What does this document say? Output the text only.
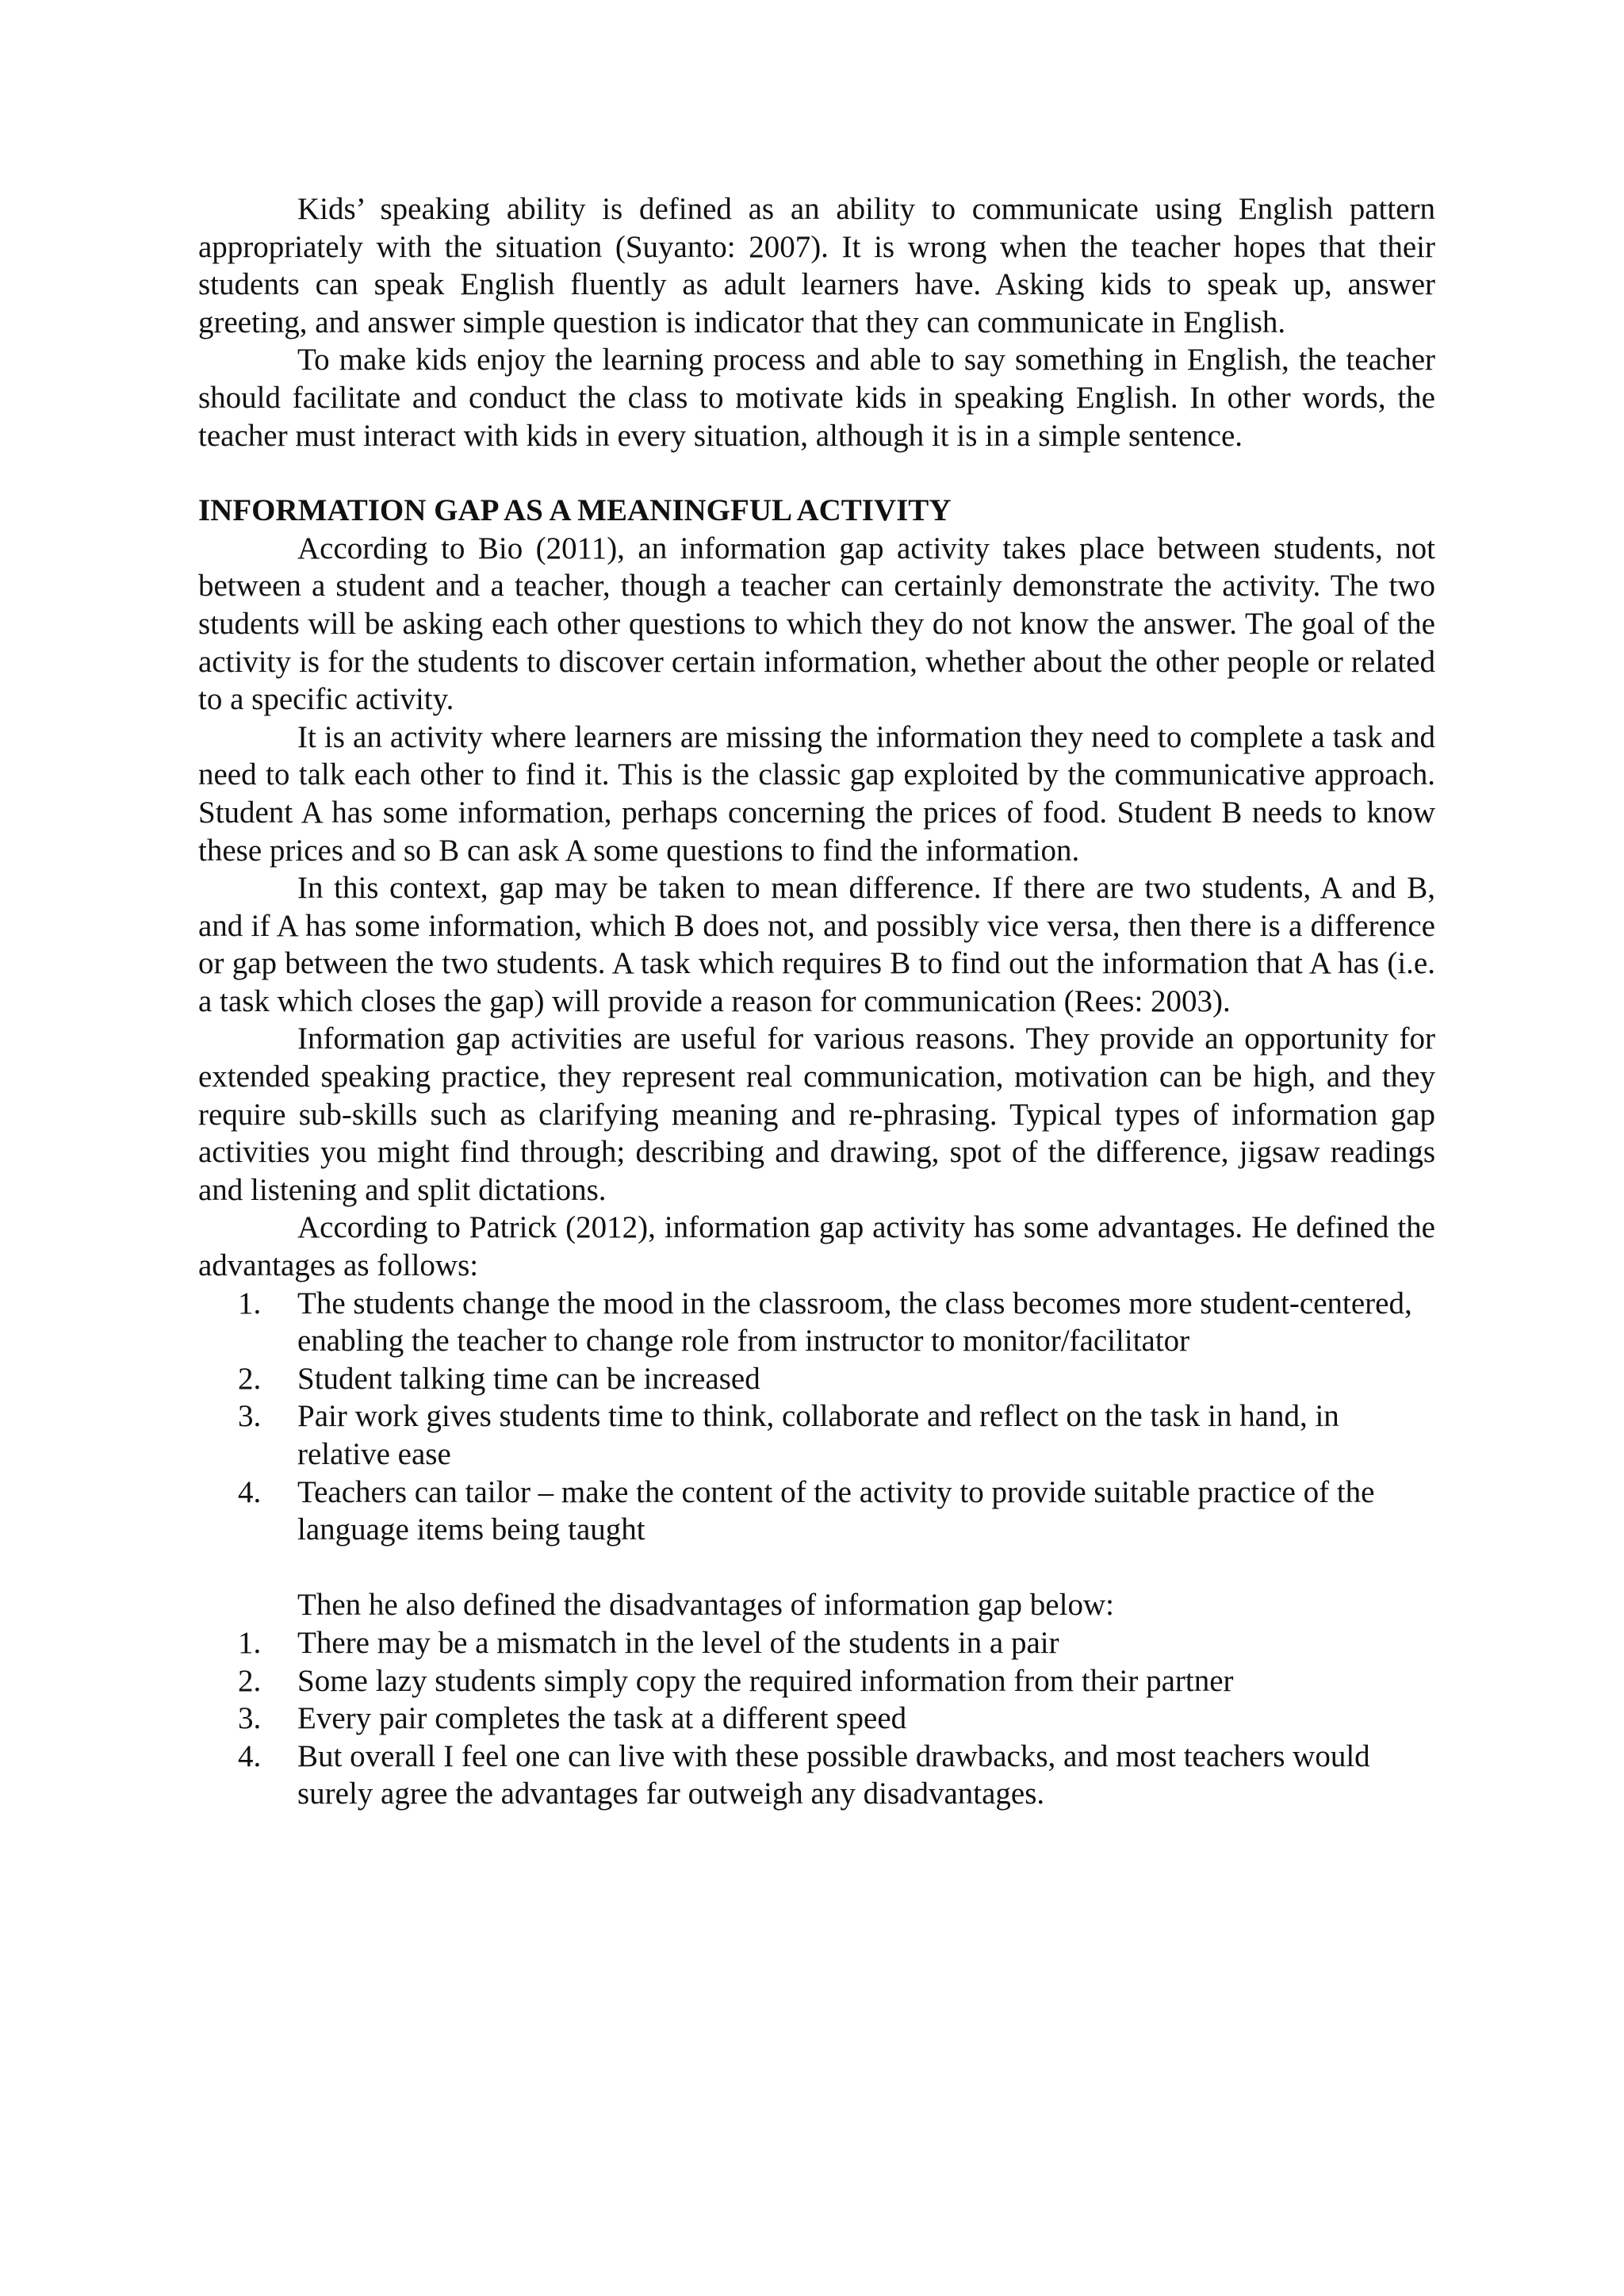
Kids’ speaking ability is defined as an ability to communicate using English pattern appropriately with the situation (Suyanto: 2007). It is wrong when the teacher hopes that their students can speak English fluently as adult learners have. Asking kids to speak up, answer greeting, and answer simple question is indicator that they can communicate in English.

To make kids enjoy the learning process and able to say something in English, the teacher should facilitate and conduct the class to motivate kids in speaking English. In other words, the teacher must interact with kids in every situation, although it is in a simple sentence.

INFORMATION GAP AS A MEANINGFUL ACTIVITY

According to Bio (2011), an information gap activity takes place between students, not between a student and a teacher, though a teacher can certainly demonstrate the activity. The two students will be asking each other questions to which they do not know the answer. The goal of the activity is for the students to discover certain information, whether about the other people or related to a specific activity.

It is an activity where learners are missing the information they need to complete a task and need to talk each other to find it. This is the classic gap exploited by the communicative approach. Student A has some information, perhaps concerning the prices of food. Student B needs to know these prices and so B can ask A some questions to find the information.

In this context, gap may be taken to mean difference. If there are two students, A and B, and if A has some information, which B does not, and possibly vice versa, then there is a difference or gap between the two students. A task which requires B to find out the information that A has (i.e. a task which closes the gap) will provide a reason for communication (Rees: 2003).

Information gap activities are useful for various reasons. They provide an opportunity for extended speaking practice, they represent real communication, motivation can be high, and they require sub-skills such as clarifying meaning and re-phrasing. Typical types of information gap activities you might find through; describing and drawing, spot of the difference, jigsaw readings and listening and split dictations.

According to Patrick (2012), information gap activity has some advantages. He defined the advantages as follows:

1. The students change the mood in the classroom, the class becomes more student-centered, enabling the teacher to change role from instructor to monitor/facilitator
2. Student talking time can be increased
3. Pair work gives students time to think, collaborate and reflect on the task in hand, in relative ease
4. Teachers can tailor – make the content of the activity to provide suitable practice of the language items being taught

Then he also defined the disadvantages of information gap below:

1. There may be a mismatch in the level of the students in a pair
2. Some lazy students simply copy the required information from their partner
3. Every pair completes the task at a different speed
4. But overall I feel one can live with these possible drawbacks, and most teachers would surely agree the advantages far outweigh any disadvantages.
